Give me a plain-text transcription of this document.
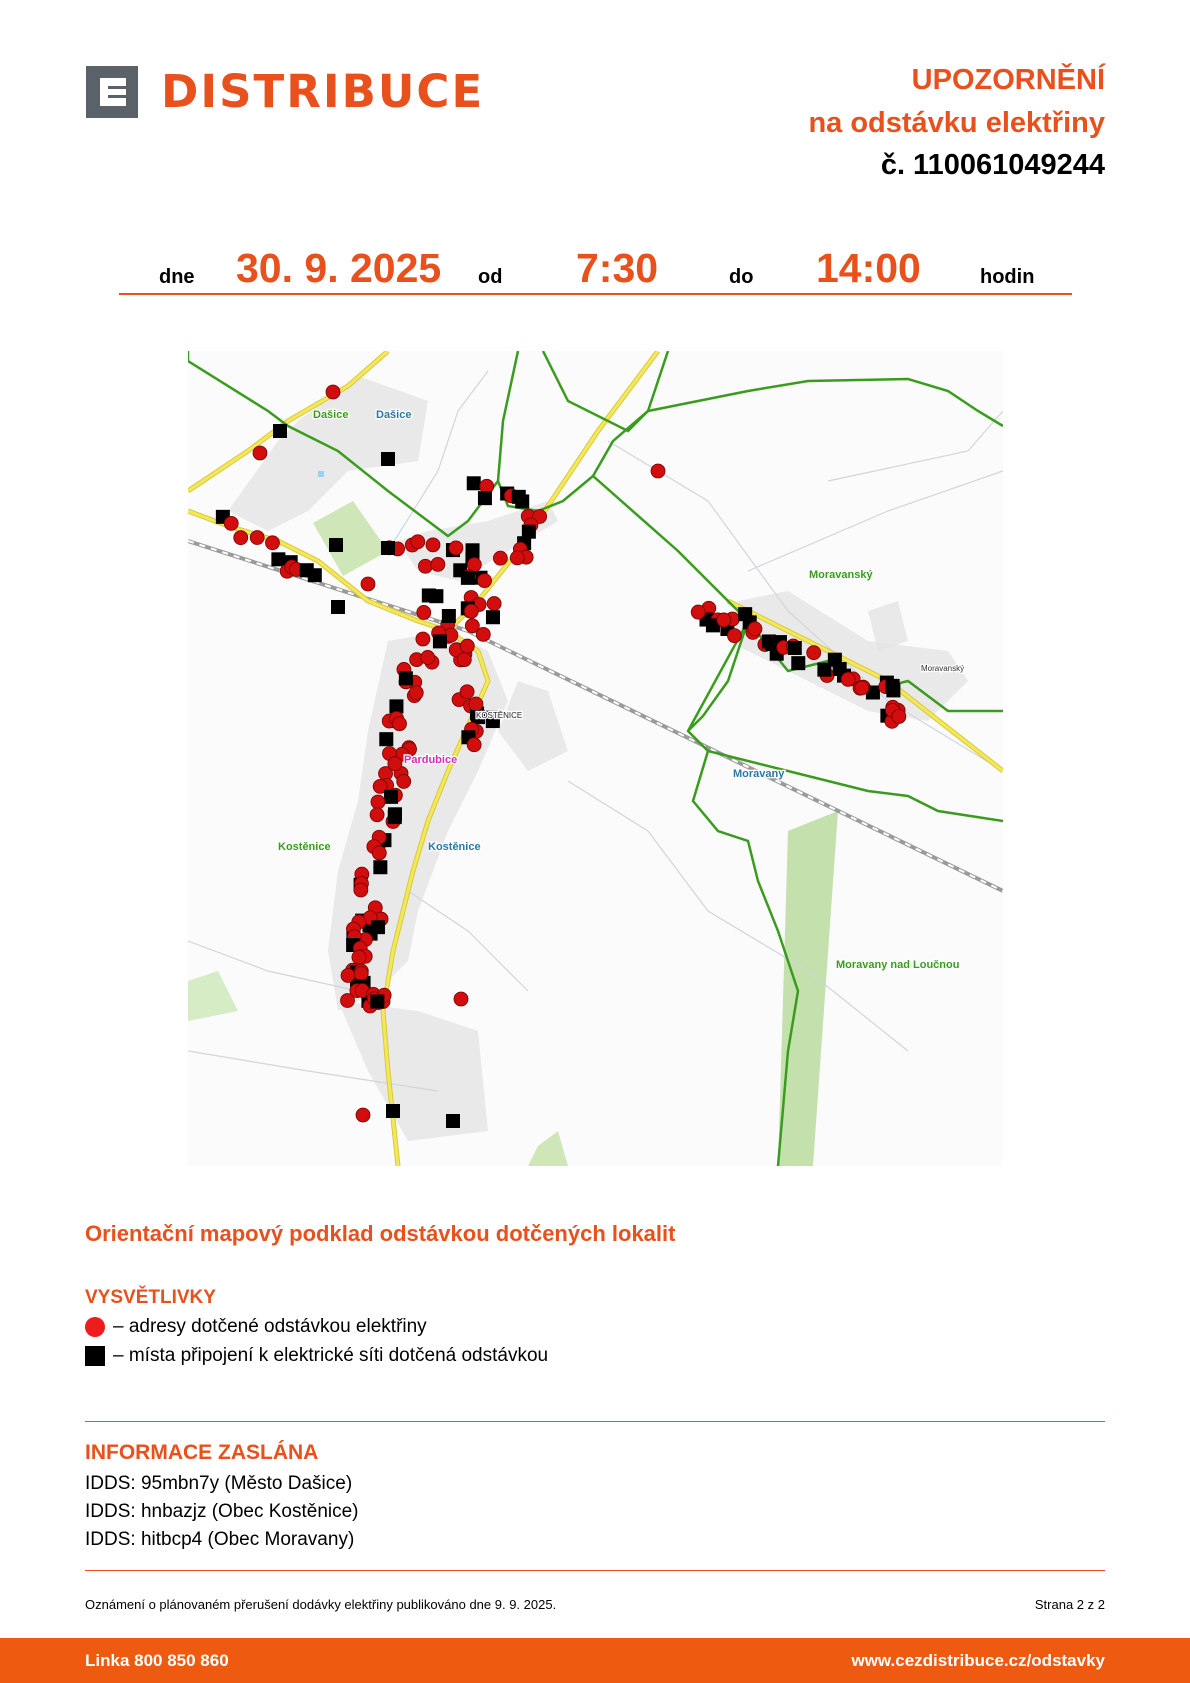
DISTRIBUCE	UPOZORNĚNÍ
na odstávku elektřiny
č. 110061049244
dne 30. 9. 2025 od 7:30	do 14:00	hodin
Dašice	Dašice
Moravanský
Moravanský
KOSTĚNICE
Pardubice
Kostěnice	Kostěnice
Moravany
Moravany nad Loučnou
Orientační mapový podklad odstávkou dotčených lokalit
VYSVĚTLIVKY
– adresy dotčené odstávkou elektřiny
– místa připojení k elektrické síti dotčená odstávkou
INFORMACE ZASLÁNA
IDDS: 95mbn7y (Město Dašice)
IDDS: hnbazjz (Obec Kostěnice)
IDDS: hitbcp4 (Obec Moravany)
Oznámení o plánovaném přerušení dodávky elektřiny publikováno dne 9. 9. 2025.	Strana 2 z 2
Linka 800 850 860	www.cezdistribuce.cz/odstavky
